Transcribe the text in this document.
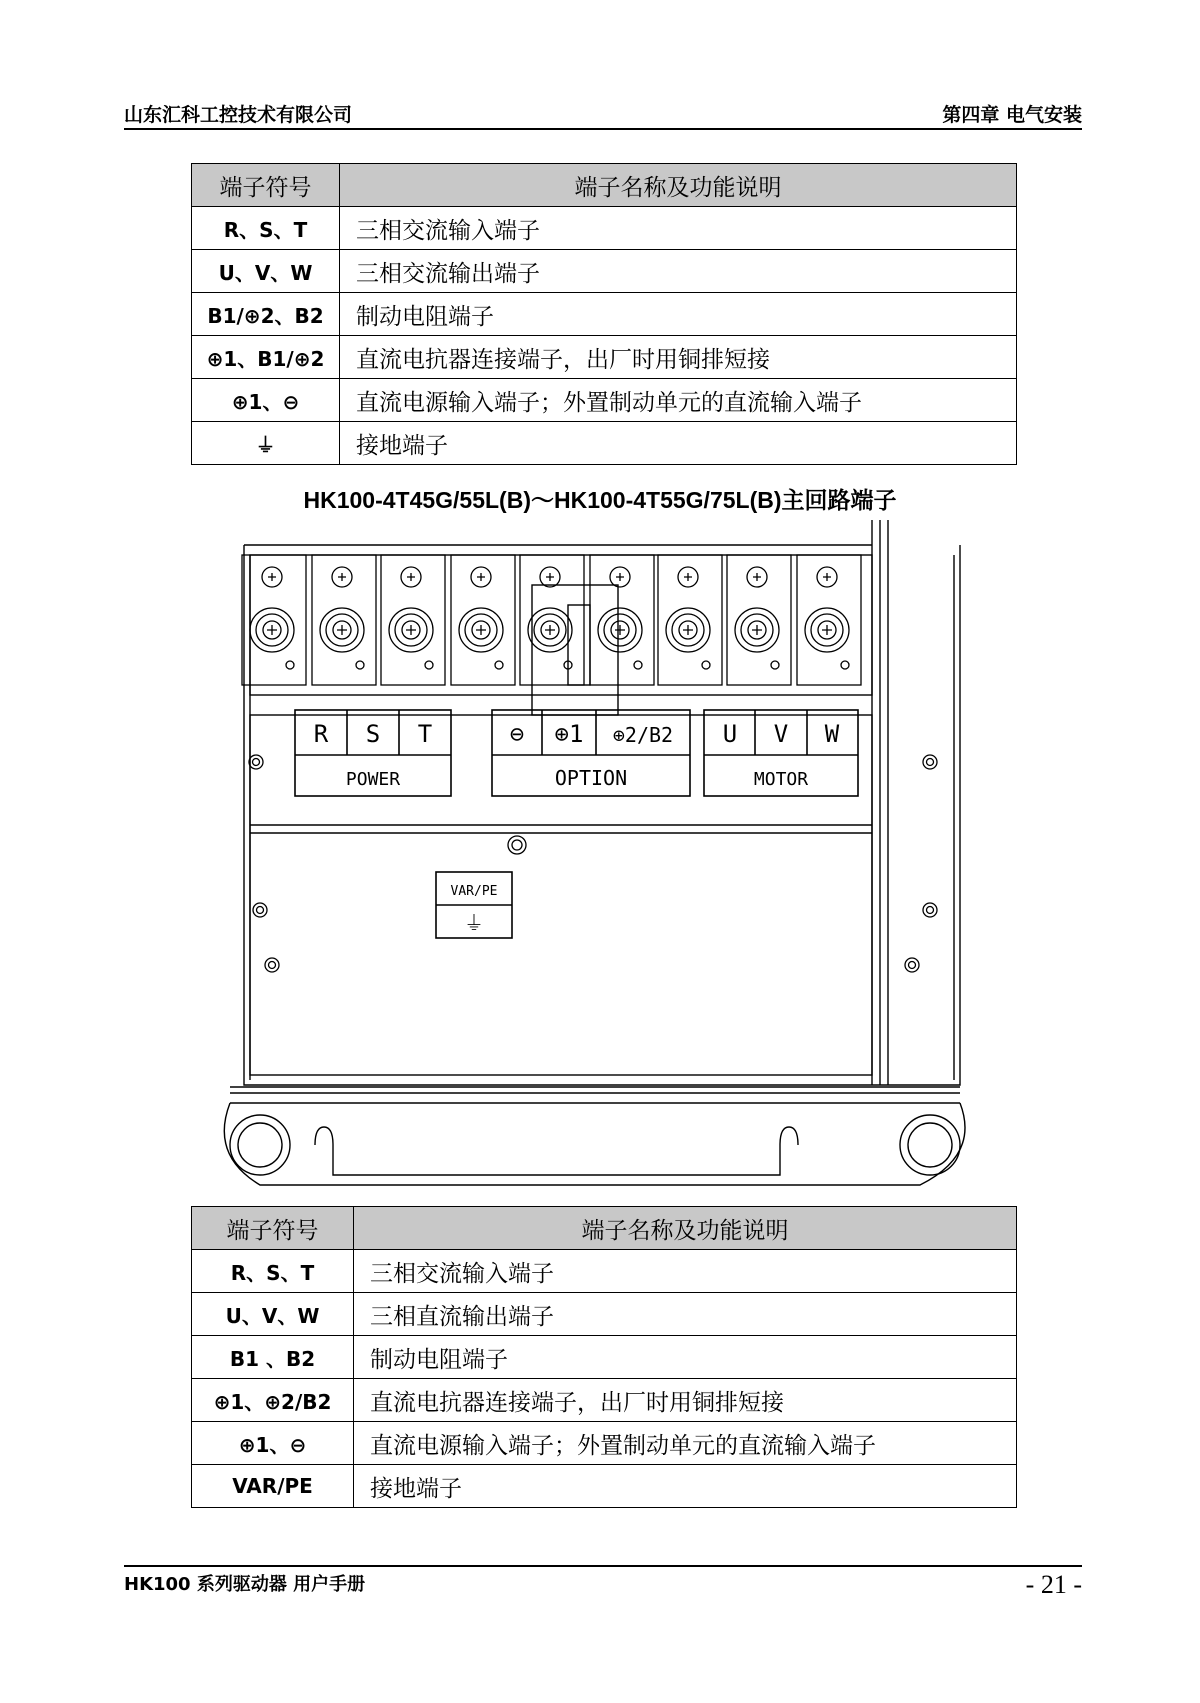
山东汇科工控技术有限公司	第四章 电气安装
端子符号	端子名称及功能说明
R、S、T	三相交流输入端子
U、V、W	三相交流输出端子
B1/⊕2、B2	制动电阻端子
⊕1、B1/⊕2	直流电抗器连接端子，出厂时用铜排短接
⊕1、⊖	直流电源输入端子；外置制动单元的直流输入端子
⏚	接地端子
HK100-4T45G/55L(B)～HK100-4T55G/75L(B)主回路端子
R S T	⊖ ⊕1 ⊕2/B2 U V W
POWER	OPTION	MOTOR
VAR/PE
⏚
端子符号	端子名称及功能说明
R、S、T	三相交流输入端子
U、V、W	三相直流输出端子
B1 、B2	制动电阻端子
⊕1、⊕2/B2	直流电抗器连接端子，出厂时用铜排短接
⊕1、⊖	直流电源输入端子；外置制动单元的直流输入端子
VAR/PE	接地端子
HK100 系列驱动器 用户手册	- 21 -
